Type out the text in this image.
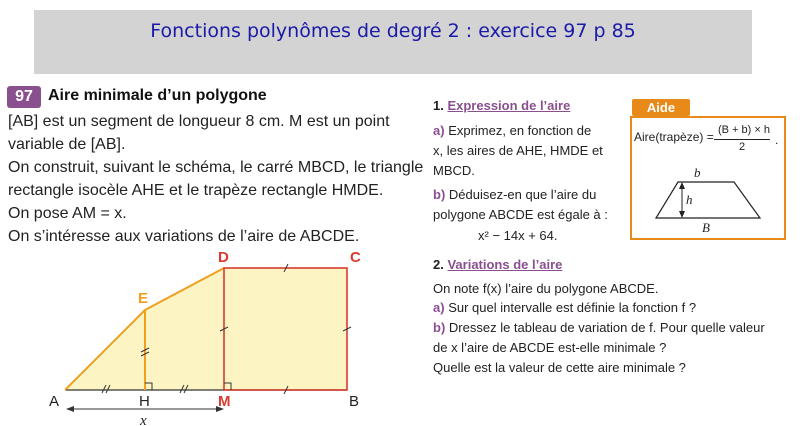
Fonctions polynômes de degré 2 : exercice 97 p 85
97 Aire minimale d’un polygone
[AB] est un segment de longueur 8 cm. M est un point
variable de [AB].
On construit, suivant le schéma, le carré MBCD, le triangle
rectangle isocèle AHE et le trapèze rectangle HMDE.
On pose AM = x.
On s’intéresse aux variations de l’aire de ABCDE.
A	H	M	B
C
D
E
x
1. Expression de l’aire
a) Exprimez, en fonction de
x, les aires de AHE, HMDE et
MBCD.
b) Déduisez-en que l’aire du
polygone ABCDE est égale à :
x² − 14x + 64.
Aide
Aire(trapèze) = (B + b) × h
2	.
b
h
B
2. Variations de l’aire
On note f(x) l’aire du polygone ABCDE.
a) Sur quel intervalle est définie la fonction f ?
b) Dressez le tableau de variation de f. Pour quelle valeur
de x l’aire de ABCDE est-elle minimale ?
Quelle est la valeur de cette aire minimale ?
